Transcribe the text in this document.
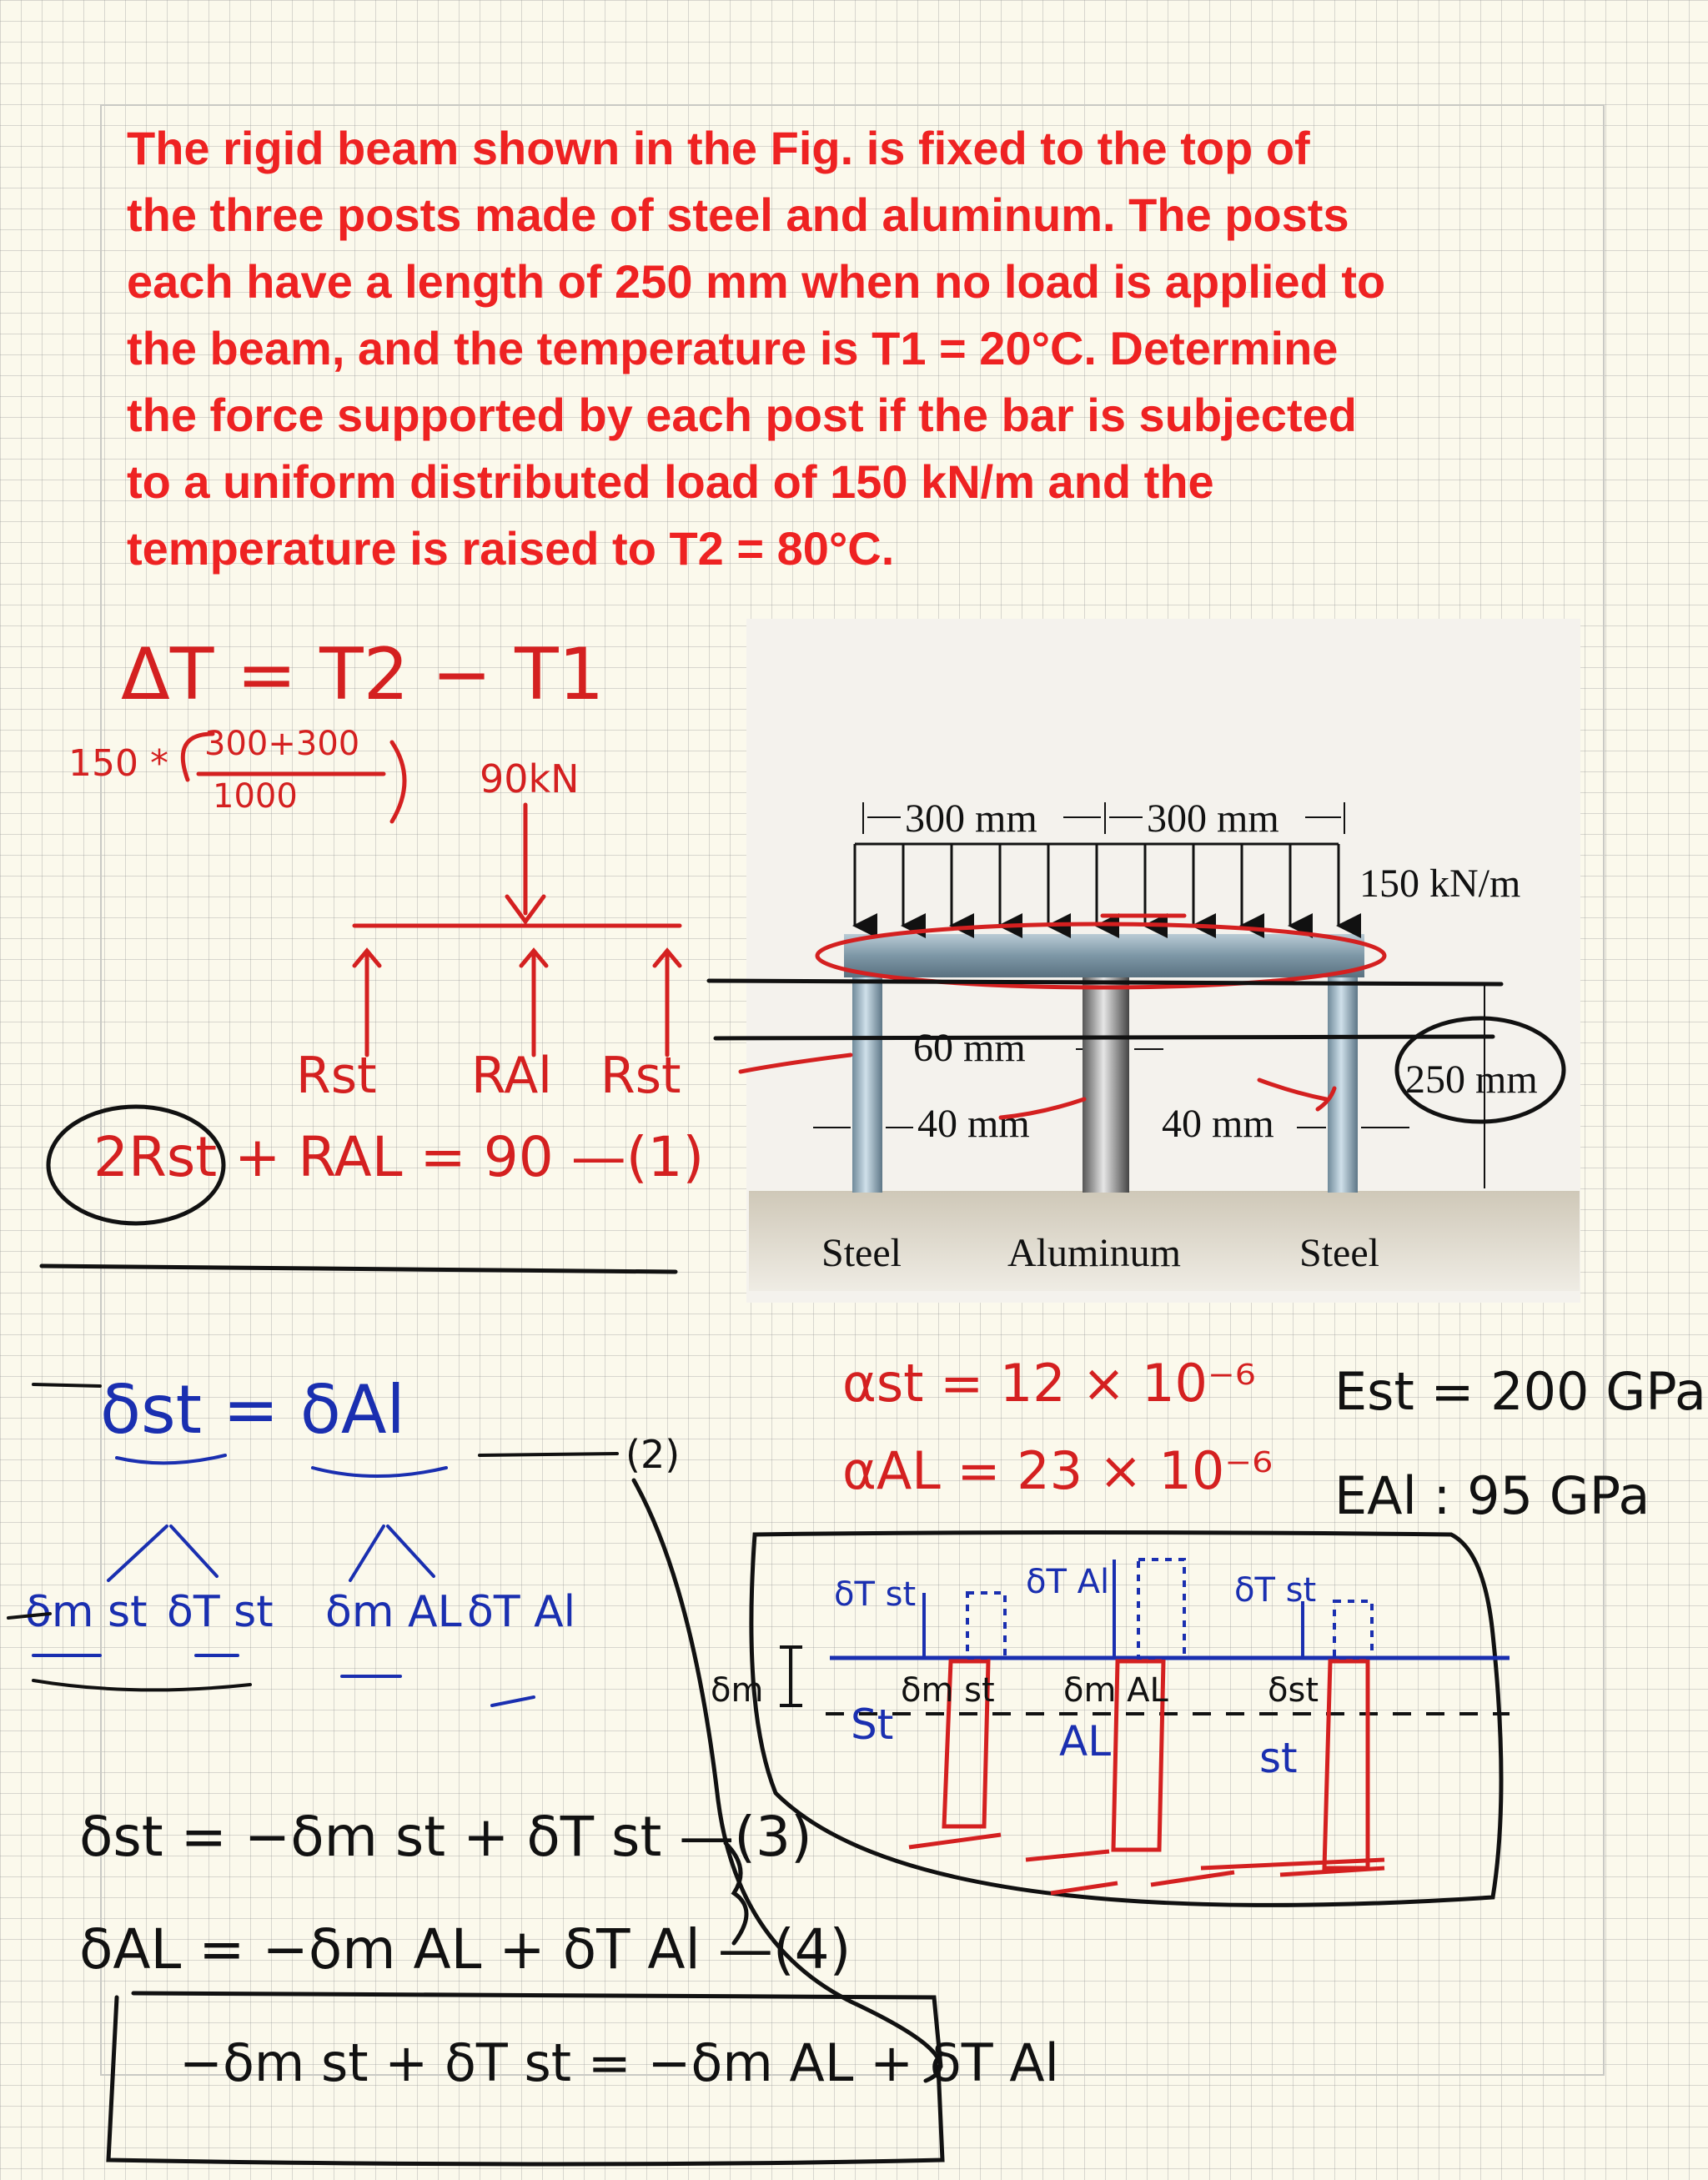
The rigid beam shown in the Fig. is fixed to the top of
the three posts made of steel and aluminum. The posts
each have a length of 250 mm when no load is applied to
the beam, and the temperature is T1 = 20°C. Determine
the force supported by each post if the bar is subjected
to a uniform distributed load of 150 kN/m and the
temperature is raised to T2 = 80°C.
300 mm	300 mm
150 kN/m
250 mm
60 mm
40 mm	40 mm
Steel	Aluminum	Steel
ΔT = T2 − T1
150 * 300+300
1000	90kN
Rst RAl Rst
2Rst + RAL = 90 —(1)
αst = 12 × 10⁻⁶
αAL = 23 × 10⁻⁶
δst = δAl
δm st δT st δm AL δT Al
(2)
δst = −δm st + δT st —(3)
δAL = −δm AL + δT Al —(4)
−δm st + δT st = −δm AL + δT Al
Est = 200 GPa
EAl : 95 GPa
δT st	δT Al	δT st
δm	δm st δm AL	δst
St	AL	st
